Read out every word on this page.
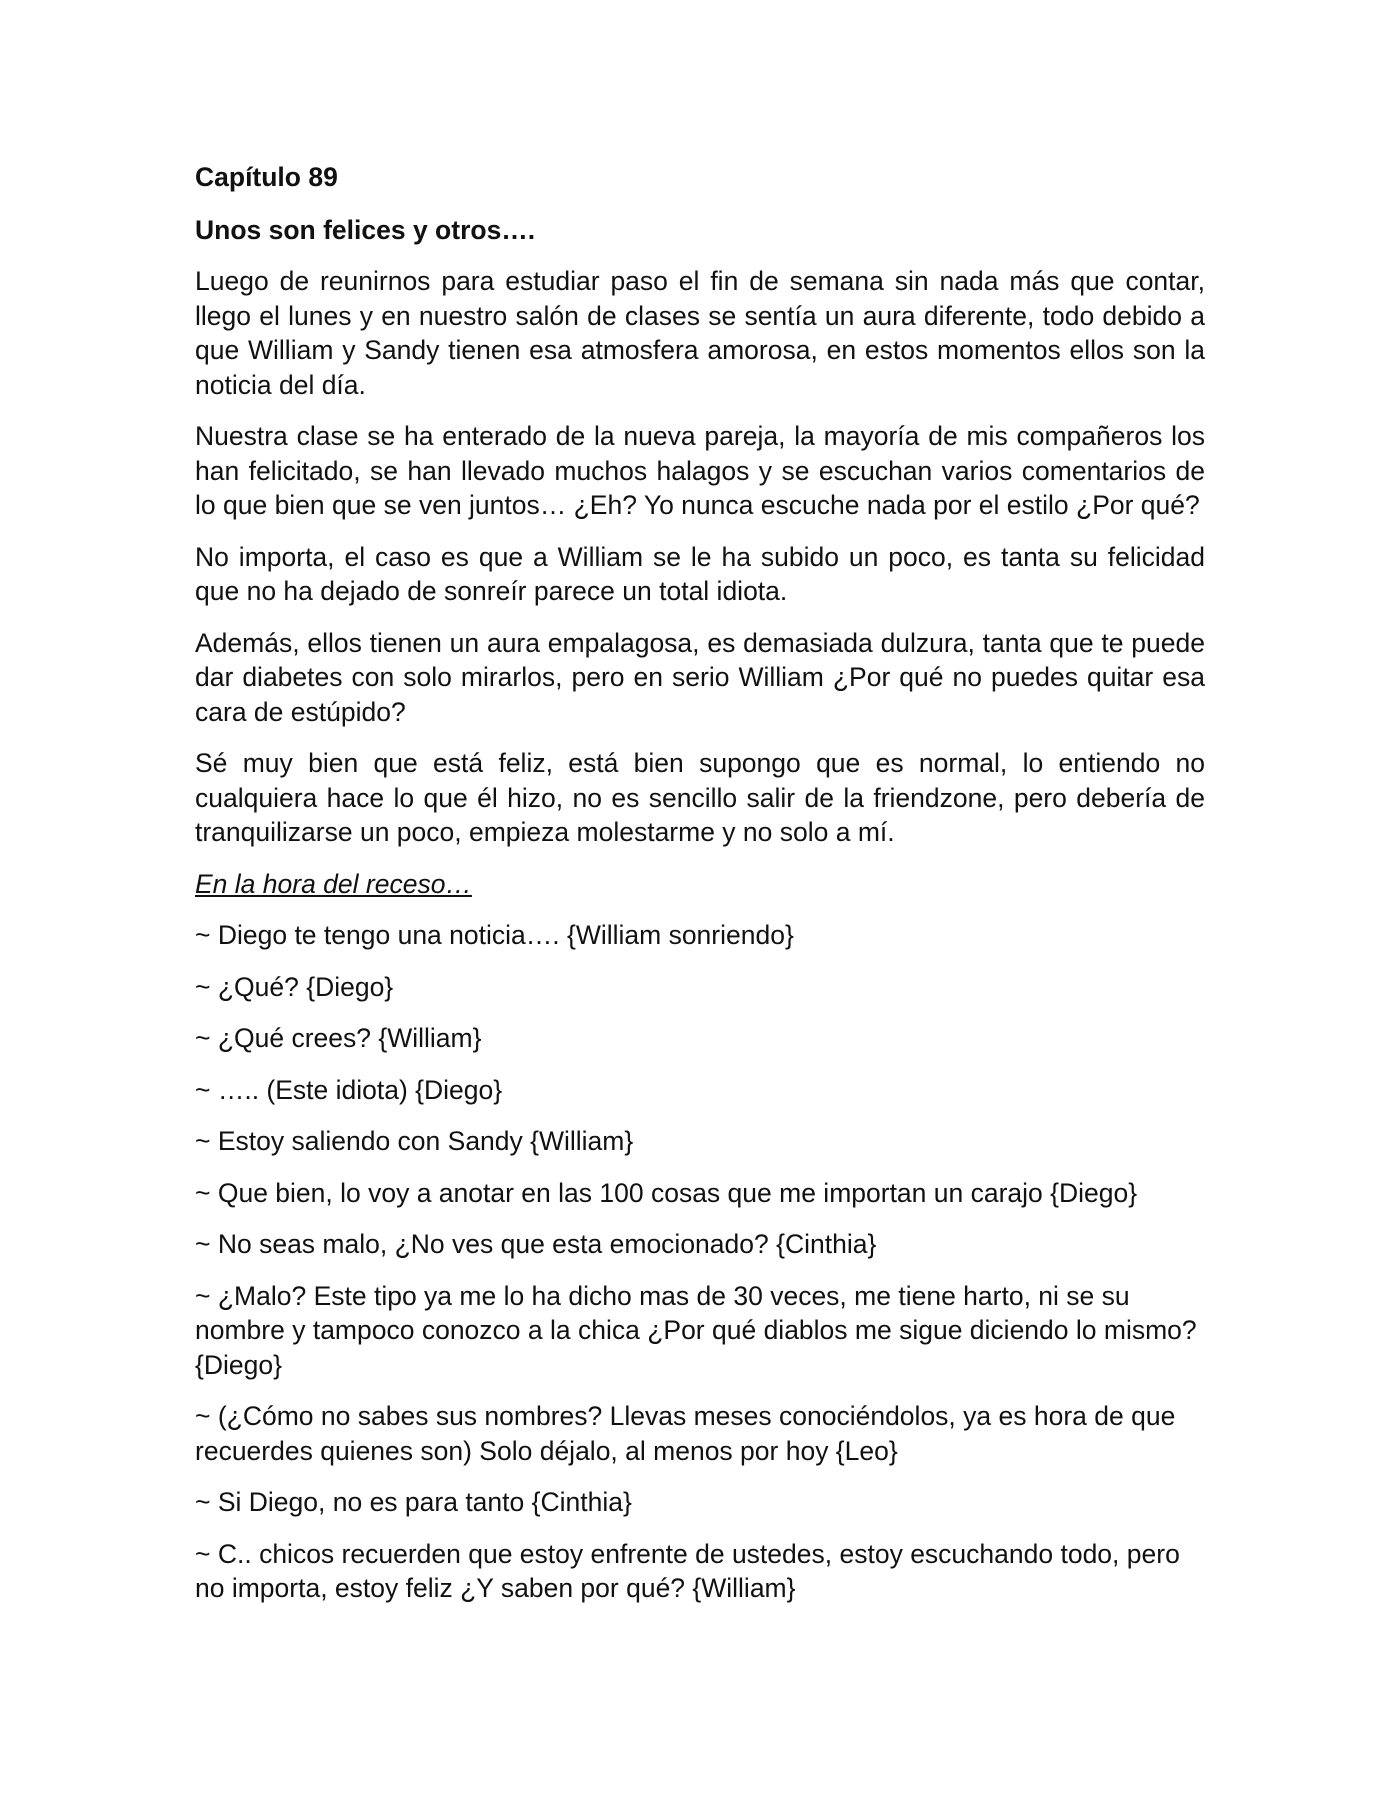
Capítulo 89
Unos son felices y otros….

Luego de reunirnos para estudiar paso el fin de semana sin nada más que contar, llego el lunes y en nuestro salón de clases se sentía un aura diferente, todo debido a que William y Sandy tienen esa atmosfera amorosa, en estos momentos ellos son la noticia del día.

Nuestra clase se ha enterado de la nueva pareja, la mayoría de mis compañeros los han felicitado, se han llevado muchos halagos y se escuchan varios comentarios de lo que bien que se ven juntos… ¿Eh? Yo nunca escuche nada por el estilo ¿Por qué?

No importa, el caso es que a William se le ha subido un poco, es tanta su felicidad que no ha dejado de sonreír parece un total idiota.

Además, ellos tienen un aura empalagosa, es demasiada dulzura, tanta que te puede dar diabetes con solo mirarlos, pero en serio William ¿Por qué no puedes quitar esa cara de estúpido?

Sé muy bien que está feliz, está bien supongo que es normal, lo entiendo no cualquiera hace lo que él hizo, no es sencillo salir de la friendzone, pero debería de tranquilizarse un poco, empieza molestarme y no solo a mí.

En la hora del receso…

~ Diego te tengo una noticia…. {William sonriendo}
~ ¿Qué? {Diego}
~ ¿Qué crees? {William}
~ ….. (Este idiota) {Diego}
~ Estoy saliendo con Sandy {William}
~ Que bien, lo voy a anotar en las 100 cosas que me importan un carajo {Diego}
~ No seas malo, ¿No ves que esta emocionado? {Cinthia}
~ ¿Malo? Este tipo ya me lo ha dicho mas de 30 veces, me tiene harto, ni se su nombre y tampoco conozco a la chica ¿Por qué diablos me sigue diciendo lo mismo? {Diego}
~ (¿Cómo no sabes sus nombres? Llevas meses conociéndolos, ya es hora de que recuerdes quienes son) Solo déjalo, al menos por hoy {Leo}
~ Si Diego, no es para tanto {Cinthia}
~ C.. chicos recuerden que estoy enfrente de ustedes, estoy escuchando todo, pero no importa, estoy feliz ¿Y saben por qué? {William}
